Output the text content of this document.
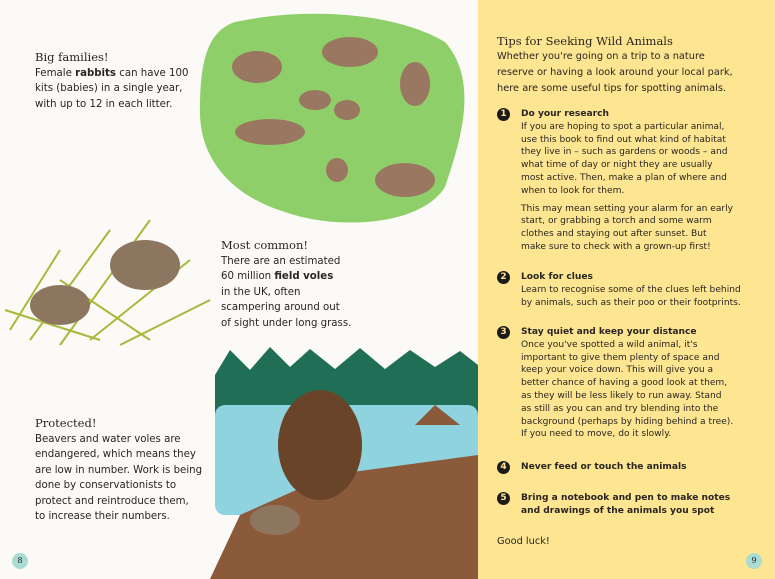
Big families!
Female rabbits can have 100
kits (babies) in a single year,
with up to 12 in each litter.
Most common!
There are an estimated
60 million field voles
in the UK, often
scampering around out
of sight under long grass.
Protected!
Beavers and water voles are
endangered, which means they
are low in number. Work is being
done by conservationists to
protect and reintroduce them,
to increase their numbers.
8
Tips for Seeking Wild Animals
Whether you're going on a trip to a nature
reserve or having a look around your local park,
here are some useful tips for spotting animals.
1	Do your research
If you are hoping to spot a particular animal,
use this book to find out what kind of habitat
they live in – such as gardens or woods – and
what time of day or night they are usually
most active. Then, make a plan of where and
when to look for them.
This may mean setting your alarm for an early
start, or grabbing a torch and some warm
clothes and staying out after sunset. But
make sure to check with a grown-up first!
2	Look for clues
Learn to recognise some of the clues left behind
by animals, such as their poo or their footprints.
3	Stay quiet and keep your distance
Once you've spotted a wild animal, it's
important to give them plenty of space and
keep your voice down. This will give you a
better chance of having a good look at them,
as they will be less likely to run away. Stand
as still as you can and try blending into the
background (perhaps by hiding behind a tree).
If you need to move, do it slowly.
4	Never feed or touch the animals
5	Bring a notebook and pen to make notes
and drawings of the animals you spot
Good luck!
9
